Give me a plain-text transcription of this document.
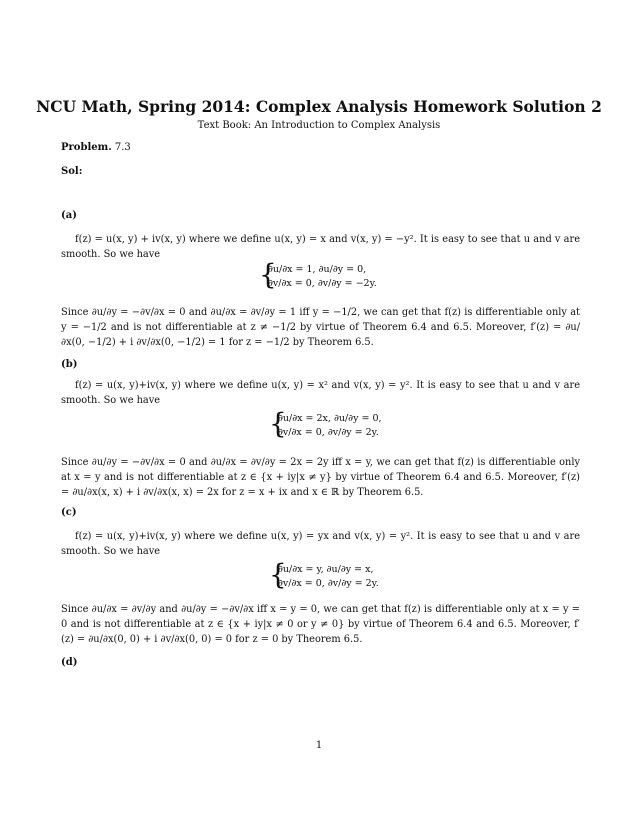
NCU Math, Spring 2014: Complex Analysis Homework Solution 2
Text Book: An Introduction to Complex Analysis
Problem. 7.3
Sol:
(a)
f(z) = u(x, y) + iv(x, y) where we define u(x, y) = x and v(x, y) = −y². It is easy to see that u and v are smooth. So we have
{
∂u/∂x = 1, ∂u/∂y = 0,
∂v/∂x = 0, ∂v/∂y = −2y.
Since ∂u/∂y = −∂v/∂x = 0 and ∂u/∂x = ∂v/∂y = 1 iff y = −1/2, we can get that f(z) is differentiable only at y = −1/2 and is not differentiable at z ≠ −1/2 by virtue of Theorem 6.4 and 6.5. Moreover, f′(z) = ∂u/∂x(0, −1/2) + i ∂v/∂x(0, −1/2) = 1 for z = −1/2 by Theorem 6.5.
(b)
f(z) = u(x, y)+iv(x, y) where we define u(x, y) = x² and v(x, y) = y². It is easy to see that u and v are smooth. So we have
{
∂u/∂x = 2x, ∂u/∂y = 0,
∂v/∂x = 0, ∂v/∂y = 2y.
Since ∂u/∂y = −∂v/∂x = 0 and ∂u/∂x = ∂v/∂y = 2x = 2y iff x = y, we can get that f(z) is differentiable only at x = y and is not differentiable at z ∈ {x + iy|x ≠ y} by virtue of Theorem 6.4 and 6.5. Moreover, f′(z) = ∂u/∂x(x, x) + i ∂v/∂x(x, x) = 2x for z = x + ix and x ∈ ℝ by Theorem 6.5.
(c)
f(z) = u(x, y)+iv(x, y) where we define u(x, y) = yx and v(x, y) = y². It is easy to see that u and v are smooth. So we have
{
∂u/∂x = y, ∂u/∂y = x,
∂v/∂x = 0, ∂v/∂y = 2y.
Since ∂u/∂x = ∂v/∂y and ∂u/∂y = −∂v/∂x iff x = y = 0, we can get that f(z) is differentiable only at x = y = 0 and is not differentiable at z ∈ {x + iy|x ≠ 0 or y ≠ 0} by virtue of Theorem 6.4 and 6.5. Moreover, f′(z) = ∂u/∂x(0, 0) + i ∂v/∂x(0, 0) = 0 for z = 0 by Theorem 6.5.
(d)
1
